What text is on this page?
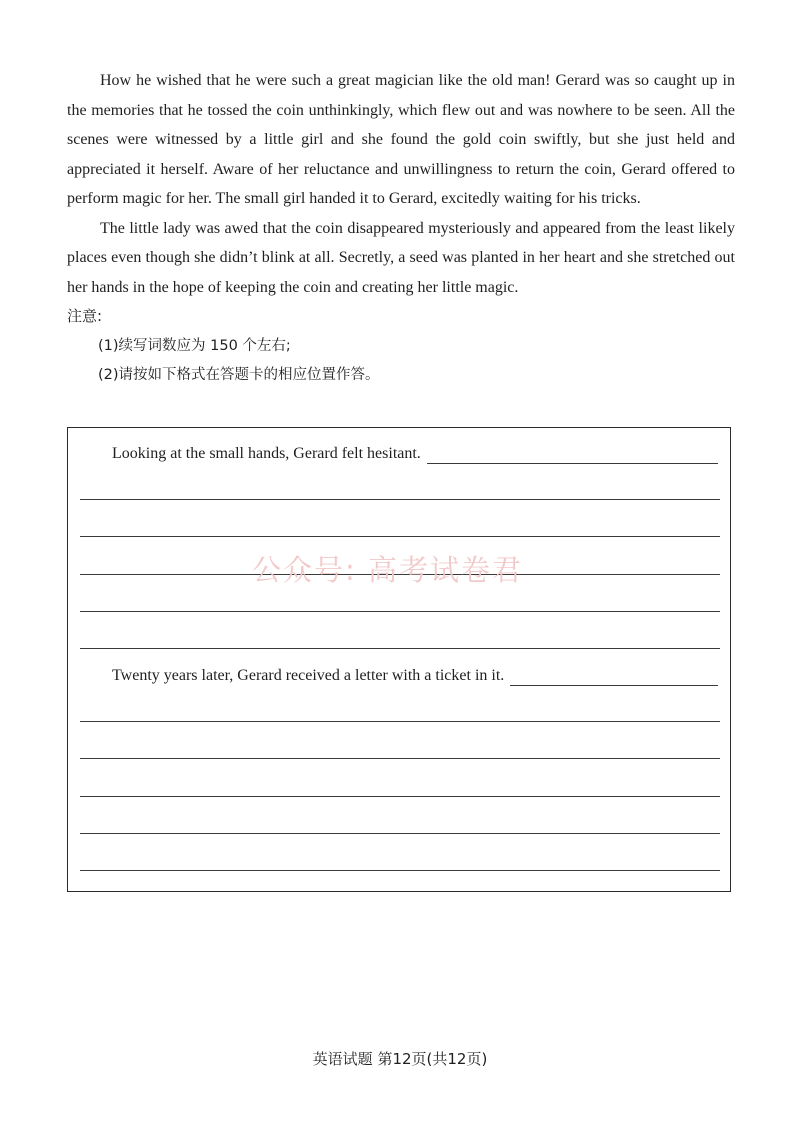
How he wished that he were such a great magician like the old man! Gerard was so caught up in the memories that he tossed the coin unthinkingly, which flew out and was nowhere to be seen. All the scenes were witnessed by a little girl and she found the gold coin swiftly, but she just held and appreciated it herself. Aware of her reluctance and unwillingness to return the coin, Gerard offered to perform magic for her. The small girl handed it to Gerard, excitedly waiting for his tricks.

The little lady was awed that the coin disappeared mysteriously and appeared from the least likely places even though she didn’t blink at all. Secretly, a seed was planted in her heart and she stretched out her hands in the hope of keeping the coin and creating her little magic.

注意:

(1)续写词数应为 150 个左右;

(2)请按如下格式在答题卡的相应位置作答。

Looking at the small hands, Gerard felt hesitant.
Twenty years later, Gerard received a letter with a ticket in it.
公众号: 高考试卷君
英语试题 第12页(共12页)
